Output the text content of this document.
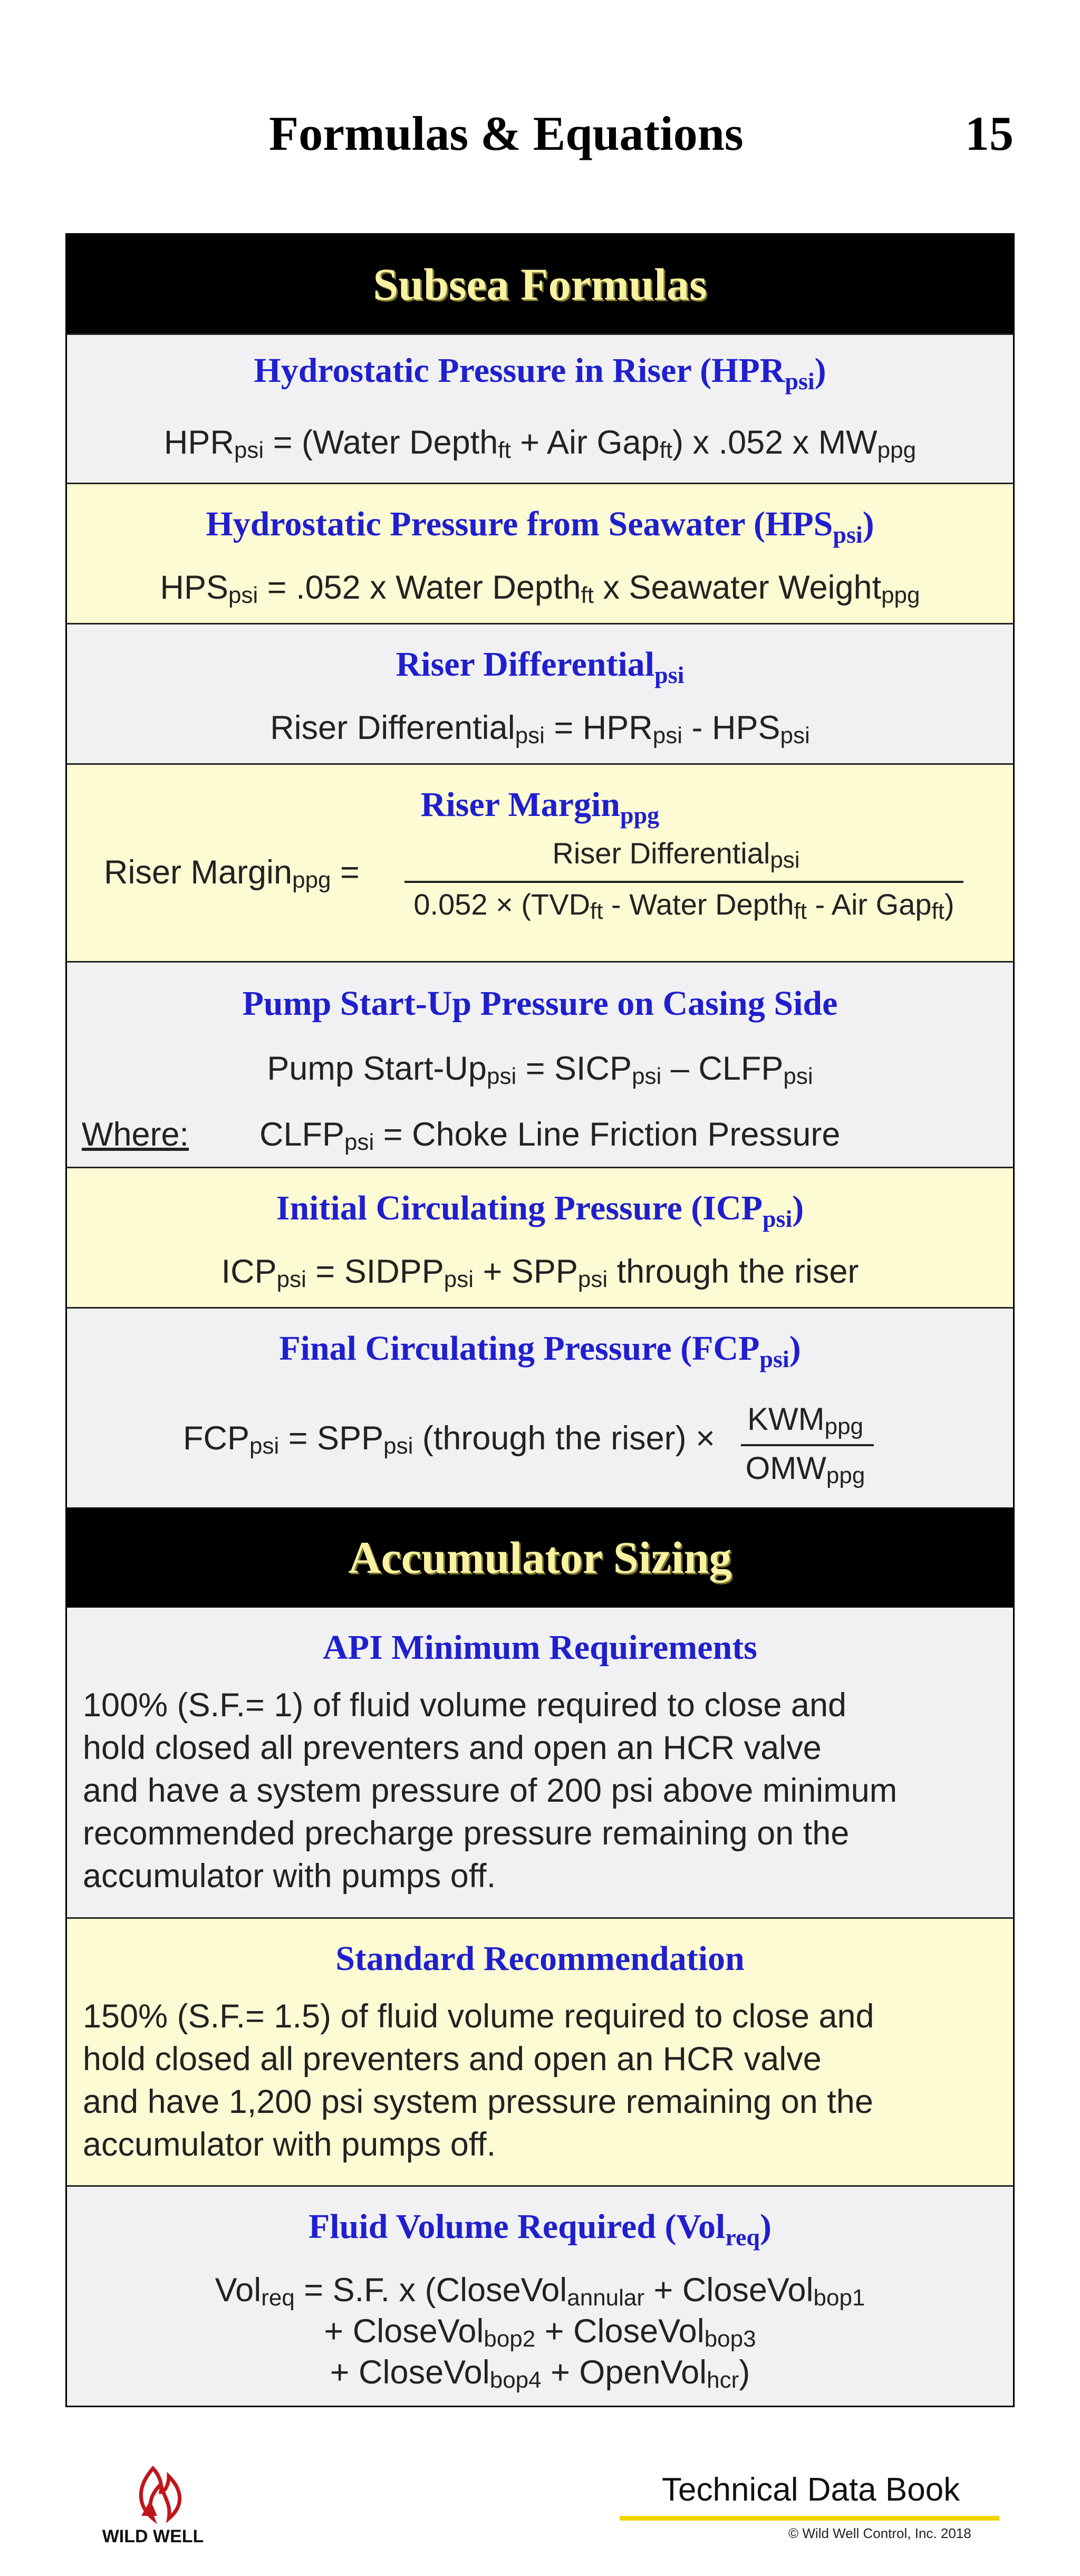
Formulas & Equations	15
Subsea Formulas
Hydrostatic Pressure in Riser $(HPR_{psi})$
$HPR_{psi}$ = (Water Depth$_{ft}$ + Air Gap$_{ft}$) x .052 x $MW_{ppg}$
Hydrostatic Pressure from Seawater $(HPS_{psi})$
$HPS_{psi} = .052$ x Water Depth$_{ft}$ x Seawater Weight$_{ppg}$
Riser Differential$_{psi}$
Riser Differential$_{psi}$ = $HPR_{psi} - HPS_{psi}$
Riser Margin$_{ppg}$
Riser Margin$_{ppg}$ =
Riser Differential$_{psi}$
$0.052 \times (TVD_{ft}$ - Water Depth$_{ft}$ - Air Gap$_{ft}$)
Pump Start-Up Pressure on Casing Side
Pump Start-$Up_{psi}$ = $SICP_{psi}$ – $CLFP_{psi}$
Where: $CLFP_{psi}$ = Choke Line Friction Pressure
Initial Circulating Pressure $(ICP_{psi})$
$ICP_{psi}$ = $SIDPP_{psi} + SPP_{psi}$ through the riser
Final Circulating Pressure $(FCP_{psi})$
$FCP_{psi} = SPP_{psi}$ (through the riser) ×
$KWM_{ppg}$
$OMW_{ppg}$
Accumulator Sizing
API Minimum Requirements
100% (S.F.= 1) of fluid volume required to close and
hold closed all preventers and open an HCR valve
and have a system pressure of 200 psi above minimum
recommended precharge pressure remaining on the
accumulator with pumps off.
Standard Recommendation
150% (S.F.= 1.5) of fluid volume required to close and
hold closed all preventers and open an HCR valve
and have 1,200 psi system pressure remaining on the
accumulator with pumps off.
Fluid Volume Required (Vol$_{req}$)
Vol$_{req}$ = S.F. x (CloseVol$_{annular}$ + CloseVol$_{bop1}$
+ CloseVol$_{bop2}$ + CloseVol$_{bop3}$
+ CloseVol$_{bop4}$ + OpenVol$_{hcr}$)
WILD WELL
Technical Data Book
© Wild Well Control, Inc. 2018
